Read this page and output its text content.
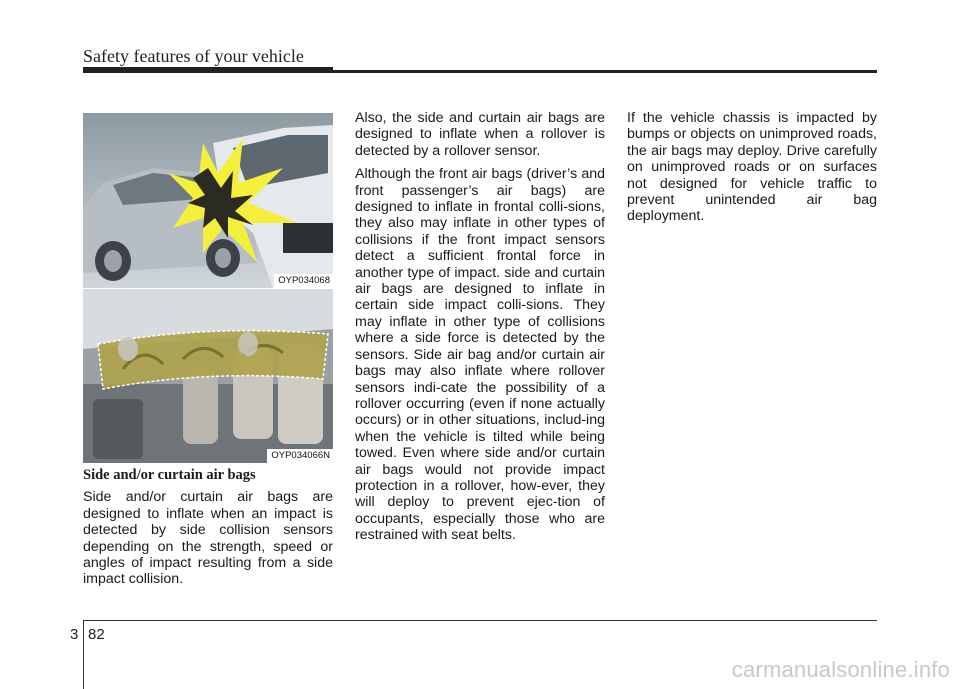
Safety features of your vehicle
OYP034068
OYP034066N
Side and/or curtain air bags

Side and/or curtain air bags are designed to inflate when an impact is detected by side collision sensors depending on the strength, speed or angles of impact resulting from a side impact collision.

Also, the side and curtain air bags are designed to inflate when a rollover is detected by a rollover sensor.

Although the front air bags (driver’s and front passenger’s air bags) are designed to inflate in frontal colli-sions, they also may inflate in other types of collisions if the front impact sensors detect a sufficient frontal force in another type of impact. side and curtain air bags are designed to inflate in certain side impact colli-sions. They may inflate in other type of collisions where a side force is detected by the sensors. Side air bag and/or curtain air bags may also inflate where rollover sensors indi-cate the possibility of a rollover occurring (even if none actually occurs) or in other situations, includ-ing when the vehicle is tilted while being towed. Even where side and/or curtain air bags would not provide impact protection in a rollover, how-ever, they will deploy to prevent ejec-tion of occupants, especially those who are restrained with seat belts.

If the vehicle chassis is impacted by bumps or objects on unimproved roads, the air bags may deploy. Drive carefully on unimproved roads or on surfaces not designed for vehicle traffic to prevent unintended air bag deployment.

3 82
carmanualsonline.info
